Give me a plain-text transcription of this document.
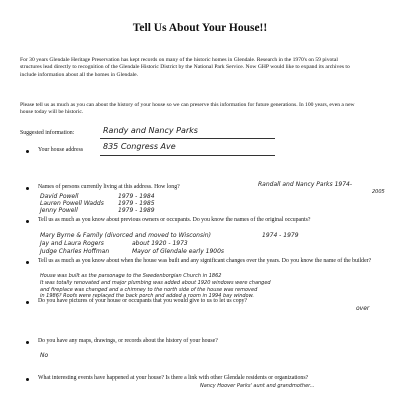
Tell Us About Your House!!

For 30 years Glendale Heritage Preservation has kept records on many of the historic homes in Glendale. Research in the 1970's on 59 pivotal structures lead directly to recognition of the Glendale Historic District by the National Park Service. Now GHP would like to expand its archives to include information about all the homes in Glendale.

Please tell us as much as you can about the history of your house so we can preserve this information for future generations. In 100 years, even a new house today will be historic.

Suggested information:	Randy and Nancy Parks
Your house address 835 Congress Ave

Names of persons currently living at this address. How long?	Randall and Nancy Parks 1974-
2005
David Powell	1979 - 1984
Lauren Powell Wadds 1979 - 1985
Jenny Powell	1979 - 1989

Tell us as much as you know about previous owners or occupants. Do you know the names of the original occupants?

Mary Byrne & Family (divorced and moved to Wisconsin)	1974 - 1979
Jay and Laura Rogers	about 1920 - 1973
Judge Charles Hoffman	Mayor of Glendale early 1900s

Tell us as much as you know about when the house was built and any significant changes over the years. Do you know the name of the builder?

House was built as the parsonage to the Swedenborgian Church in 1862
It was totally renovated and major plumbing was added about 1920 windows were changed
and fireplace was changed and a chimney to the north side of the house was removed
in 1986? Roofs were replaced the back porch and added a room in 1994 bay window.

Do you have pictures of your house or occupants that you would give to us to let us copy?

over

Do you have any maps, drawings, or records about the history of your house?

No

What interesting events have happened at your house? Is there a link with other Glendale residents or organizations?

Nancy Hoover Parks' aunt and grandmother...
